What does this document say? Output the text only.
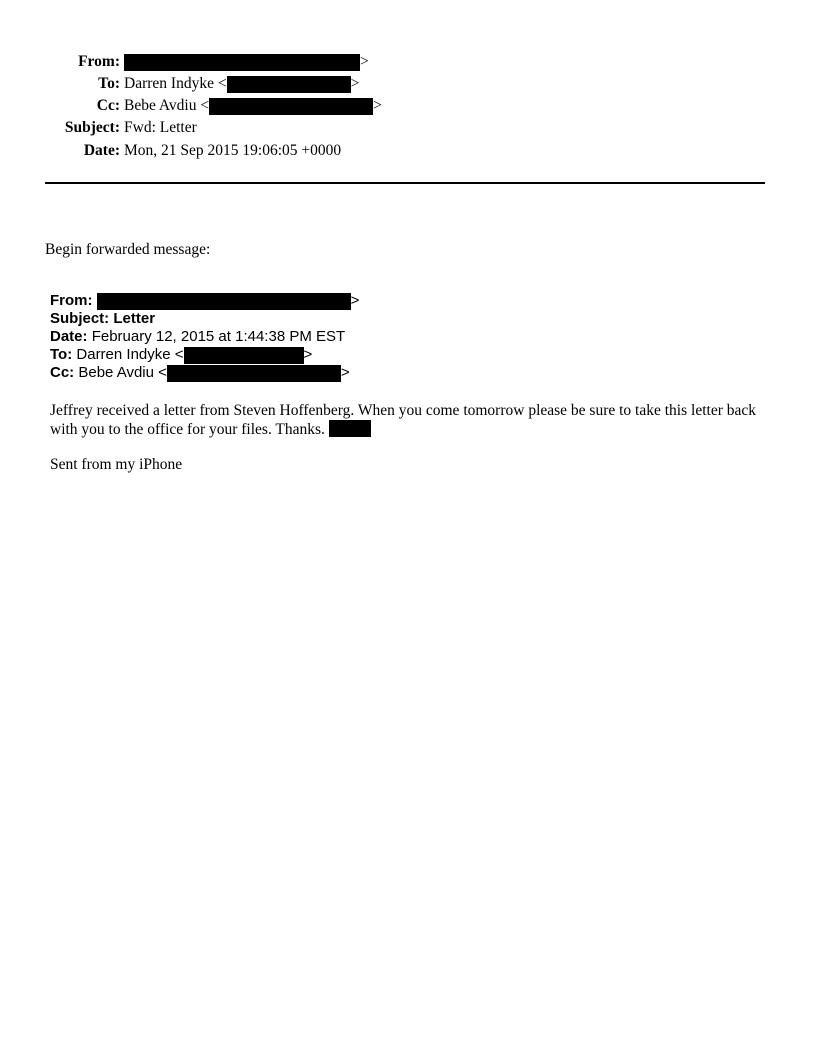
From:	>
To: Darren Indyke <	>
Cc: Bebe Avdiu <	>
Subject: Fwd: Letter
Date: Mon, 21 Sep 2015 19:06:05 +0000
Begin forwarded message:
From:
	>
Subject:
Letter
Date:
February 12, 2015 at 1:44:38 PM EST
To:
Darren Indyke <	>
Cc:
Bebe Avdiu <	>
Jeffrey received a letter from Steven Hoffenberg. When you come tomorrow please be sure to take this letter back with you to the office for your files. Thanks.
Sent from my iPhone
